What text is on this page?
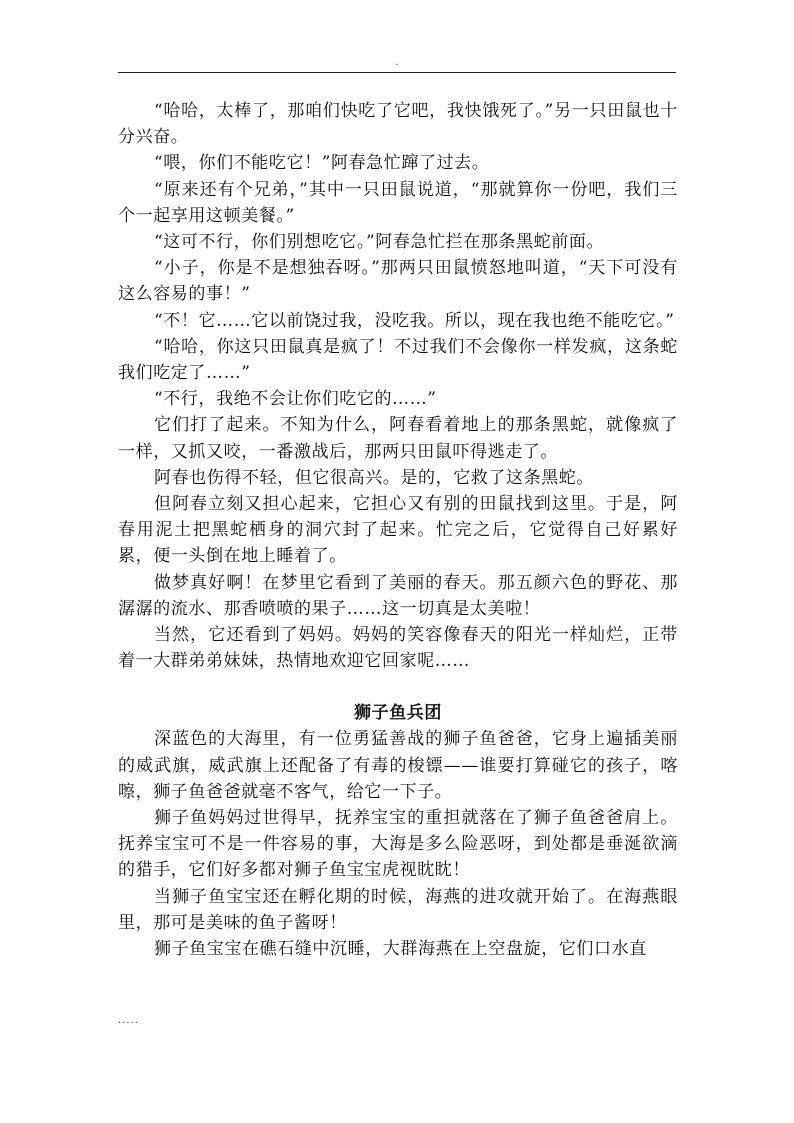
.

“哈哈，太棒了，那咱们快吃了它吧，我快饿死了。”另一只田鼠也十分兴奋。

“喂，你们不能吃它！”阿春急忙蹿了过去。

“原来还有个兄弟，”其中一只田鼠说道，“那就算你一份吧，我们三个一起享用这顿美餐。”

“这可不行，你们别想吃它。”阿春急忙拦在那条黑蛇前面。

“小子，你是不是想独吞呀。”那两只田鼠愤怒地叫道，“天下可没有这么容易的事！”

“不！它……它以前饶过我，没吃我。所以，现在我也绝不能吃它。”

“哈哈，你这只田鼠真是疯了！不过我们不会像你一样发疯，这条蛇我们吃定了……”

“不行，我绝不会让你们吃它的……”

它们打了起来。不知为什么，阿春看着地上的那条黑蛇，就像疯了一样，又抓又咬，一番激战后，那两只田鼠吓得逃走了。

阿春也伤得不轻，但它很高兴。是的，它救了这条黑蛇。

但阿春立刻又担心起来，它担心又有别的田鼠找到这里。于是，阿春用泥土把黑蛇栖身的洞穴封了起来。忙完之后，它觉得自己好累好累，便一头倒在地上睡着了。

做梦真好啊！在梦里它看到了美丽的春天。那五颜六色的野花、那潺潺的流水、那香喷喷的果子……这一切真是太美啦！

当然，它还看到了妈妈。妈妈的笑容像春天的阳光一样灿烂，正带着一大群弟弟妹妹，热情地欢迎它回家呢……

狮子鱼兵团

深蓝色的大海里，有一位勇猛善战的狮子鱼爸爸，它身上遍插美丽的威武旗，威武旗上还配备了有毒的梭镖——谁要打算碰它的孩子，喀嚓，狮子鱼爸爸就毫不客气，给它一下子。

狮子鱼妈妈过世得早，抚养宝宝的重担就落在了狮子鱼爸爸肩上。抚养宝宝可不是一件容易的事，大海是多么险恶呀，到处都是垂涎欲滴的猎手，它们好多都对狮子鱼宝宝虎视眈眈！

当狮子鱼宝宝还在孵化期的时候，海燕的进攻就开始了。在海燕眼里，那可是美味的鱼子酱呀！

狮子鱼宝宝在礁石缝中沉睡，大群海燕在上空盘旋，它们口水直

.....
